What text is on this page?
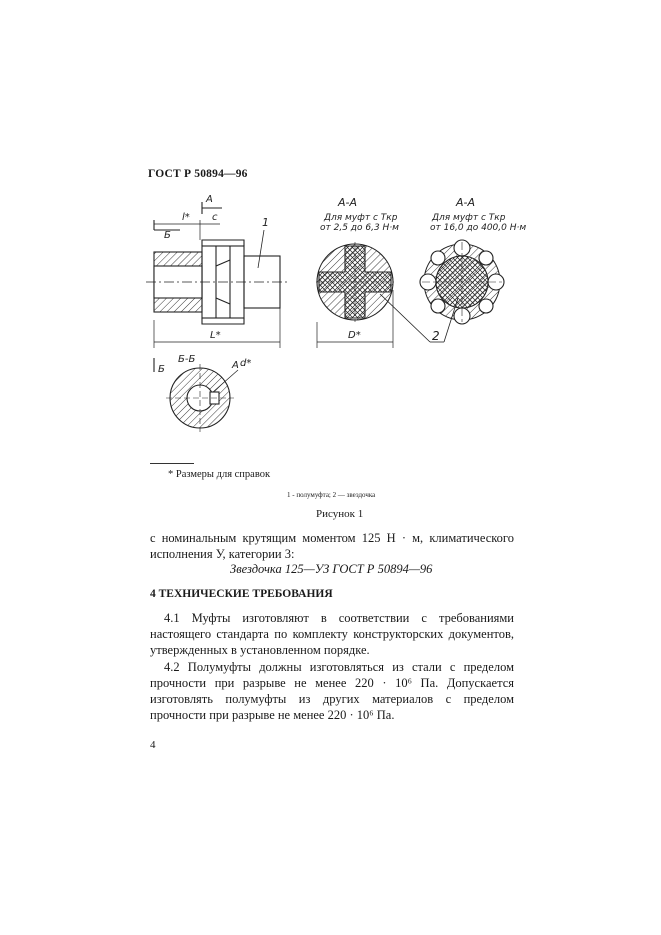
ГОСТ Р 50894—96
А
Б
l* c
L*
1
Б-Б
Б	А d*
А-А
Для муфт с Tкр
от 2,5 до 6,3 Н·м
D*	2
А-А
Для муфт с Tкр
от 16,0 до 400,0 Н·м
* Размеры для справок
1 - полумуфта; 2 — звездочка
Рисунок 1
с номинальным крутящим моментом 125 Н · м, климатического исполнения У, категории 3:
Звездочка 125—УЗ ГОСТ Р 50894—96
4 ТЕХНИЧЕСКИЕ ТРЕБОВАНИЯ
4.1 Муфты изготовляют в соответствии с требованиями настоящего стандарта по комплекту конструкторских документов, утвержденных в установленном порядке.
4.2 Полумуфты должны изготовляться из стали с пределом прочности при разрыве не менее 220 · 10⁶ Па. Допускается изготовлять полумуфты из других материалов с пределом прочности при разрыве не менее 220 · 10⁶ Па.
4
